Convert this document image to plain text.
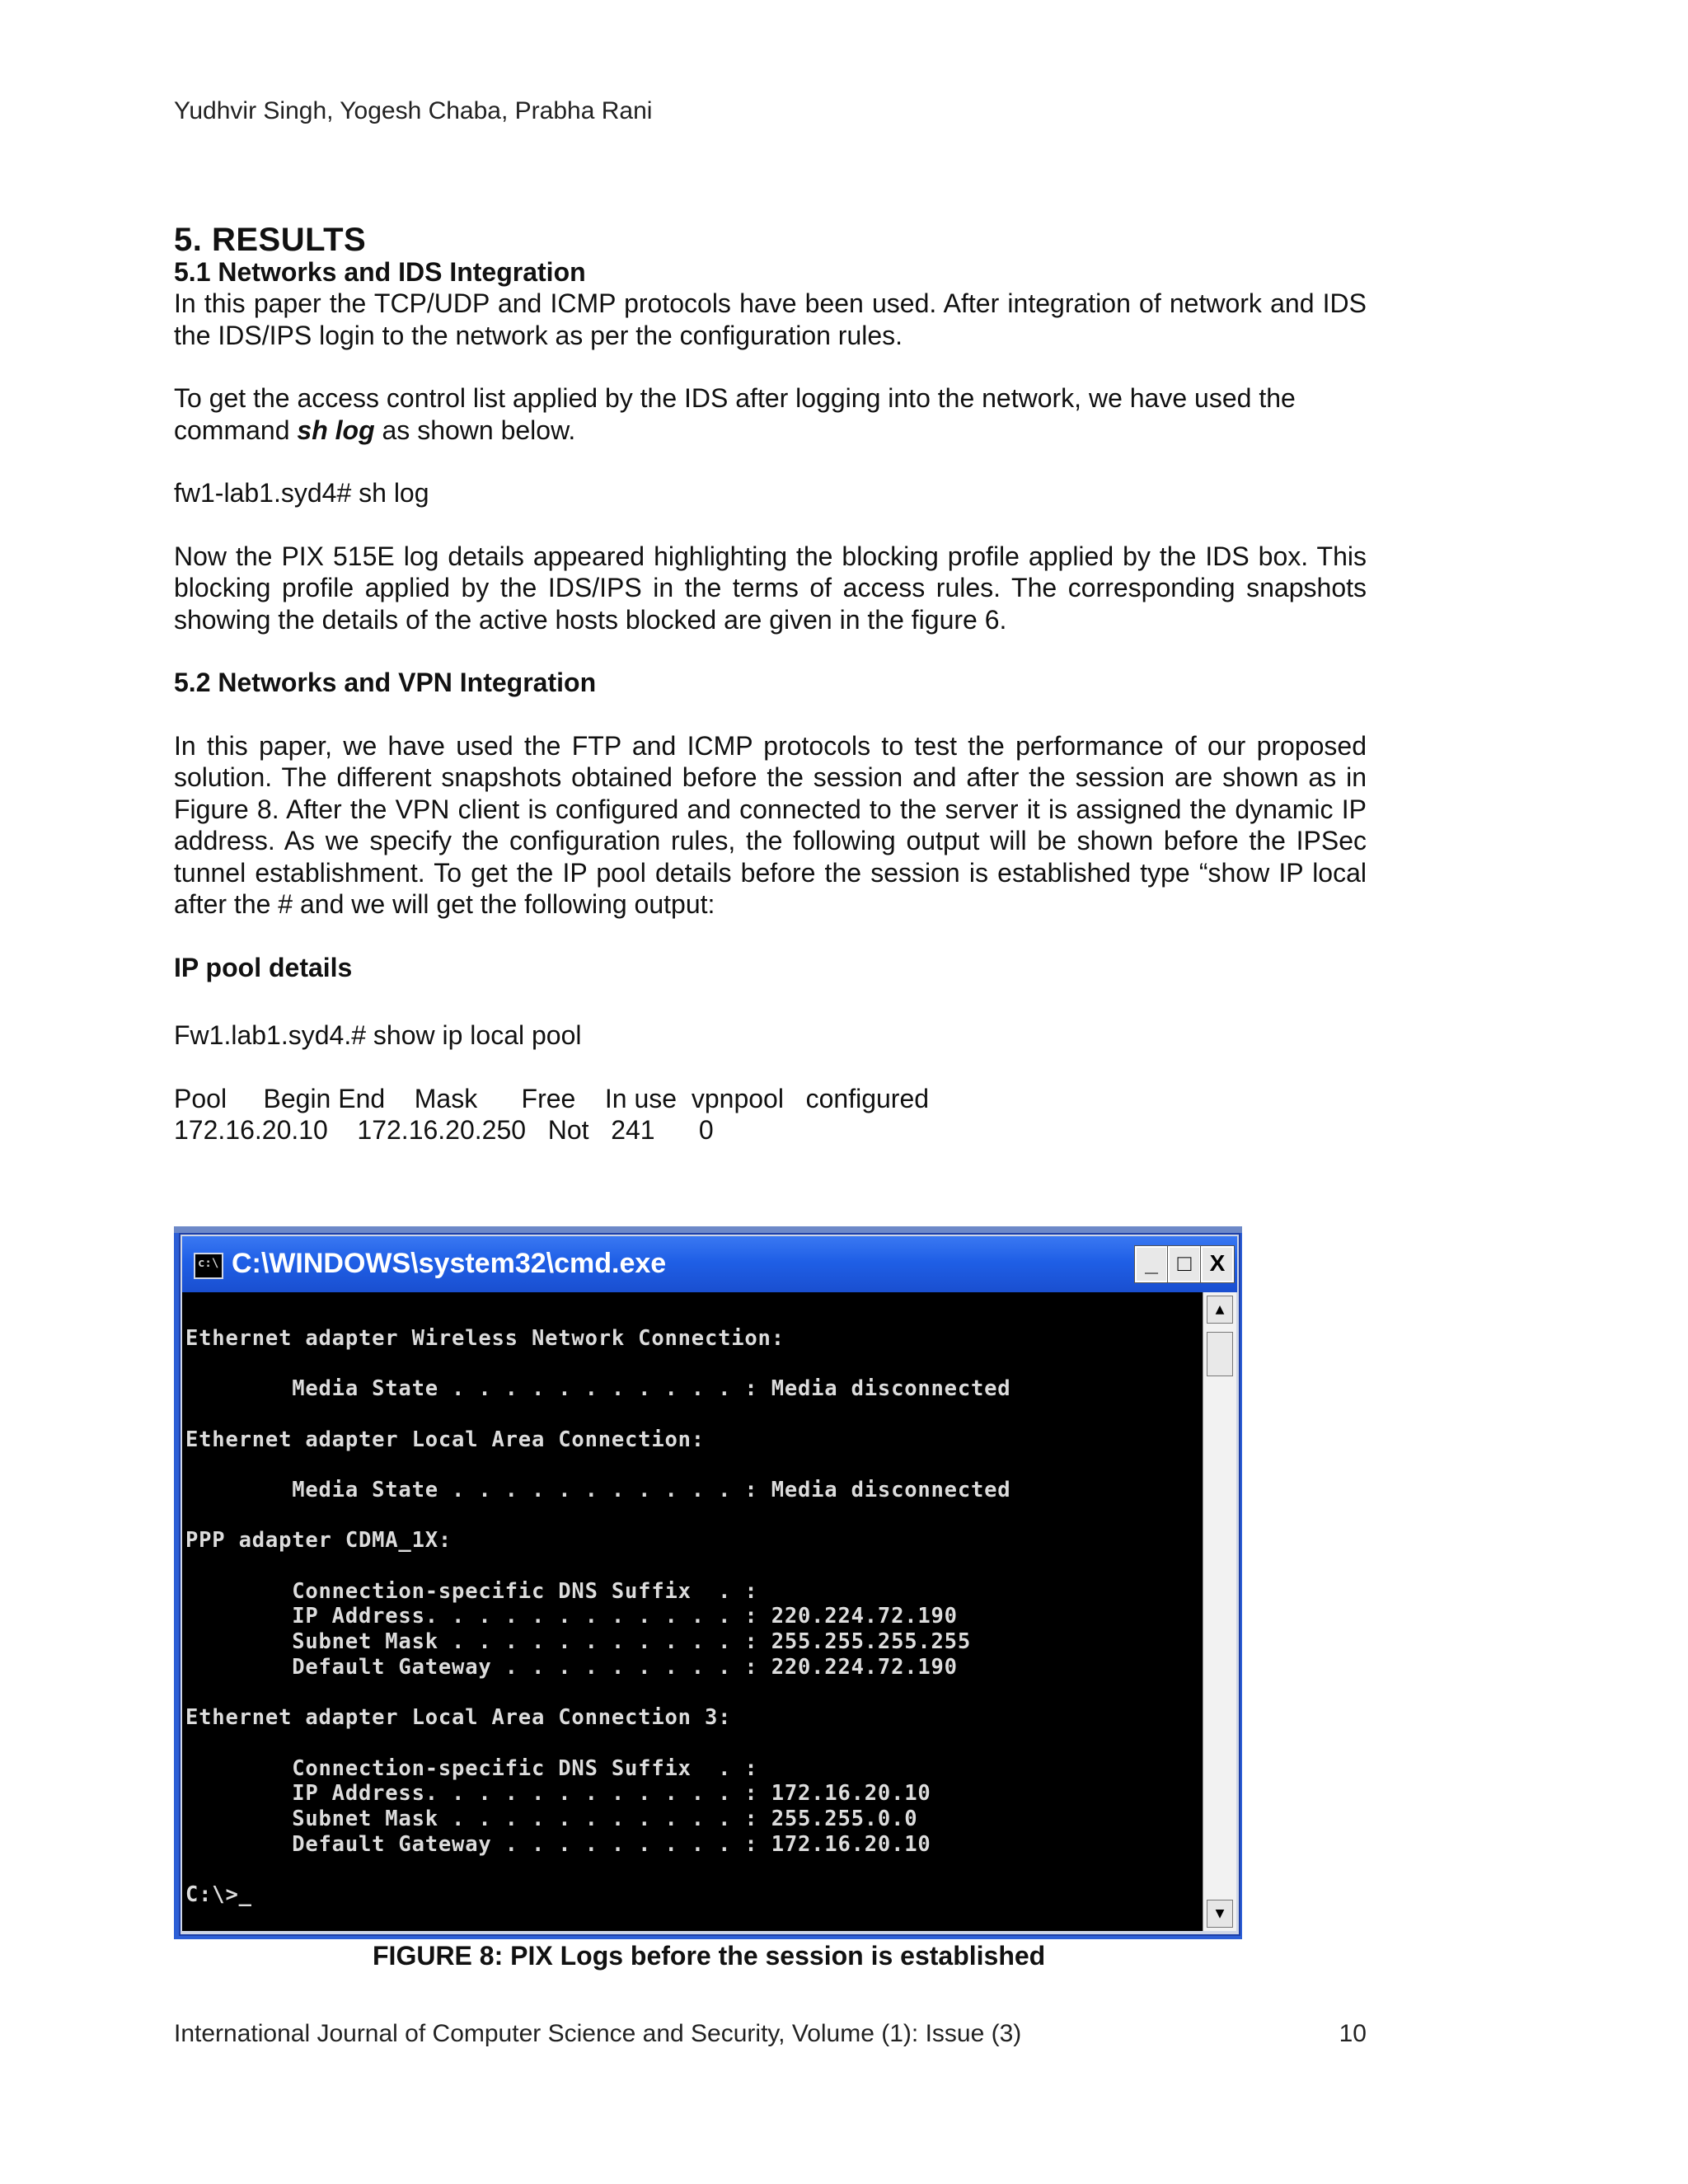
Yudhvir Singh, Yogesh Chaba, Prabha Rani

5. RESULTS

5.1 Networks and IDS Integration

In this paper the TCP/UDP and ICMP protocols have been used. After integration of network and IDS the IDS/IPS login to the network as per the configuration rules.

To get the access control list applied by the IDS after logging into the network, we have used the command sh log as shown below.

fw1-lab1.syd4# sh log

Now the PIX 515E log details appeared highlighting the blocking profile applied by the IDS box. This blocking profile applied by the IDS/IPS in the terms of access rules. The corresponding snapshots showing the details of the active hosts blocked are given in the figure 6.

5.2 Networks and VPN Integration

In this paper, we have used the FTP and ICMP protocols to test the performance of our proposed solution. The different snapshots obtained before the session and after the session are shown as in Figure 8. After the VPN client is configured and connected to the server it is assigned the dynamic IP address. As we specify the configuration rules, the following output will be shown before the IPSec tunnel establishment. To get the IP pool details before the session is established type “show IP local after the # and we will get the following output:

IP pool details

Fw1.lab1.syd4.# show ip local pool

Pool     Begin End    Mask      Free    In use  vpnpool   configured

172.16.20.10    172.16.20.250   Not   241      0

c:\
C:\WINDOWS\system32\cmd.exe	_ □ X

Ethernet adapter Wireless Network Connection:

Media State . . . . . . . . . . . : Media disconnected

Ethernet adapter Local Area Connection:

Media State . . . . . . . . . . . : Media disconnected

PPP adapter CDMA_1X:

Connection-specific DNS Suffix  . :
IP Address. . . . . . . . . . . . : 220.224.72.190
Subnet Mask . . . . . . . . . . . : 255.255.255.255
Default Gateway . . . . . . . . . : 220.224.72.190

Ethernet adapter Local Area Connection 3:

Connection-specific DNS Suffix  . :
IP Address. . . . . . . . . . . . : 172.16.20.10
Subnet Mask . . . . . . . . . . . : 255.255.0.0
Default Gateway . . . . . . . . . : 172.16.20.10

C:\>_
▲
▼
FIGURE 8: PIX Logs before the session is established
International Journal of Computer Science and Security, Volume (1): Issue (3)	10
